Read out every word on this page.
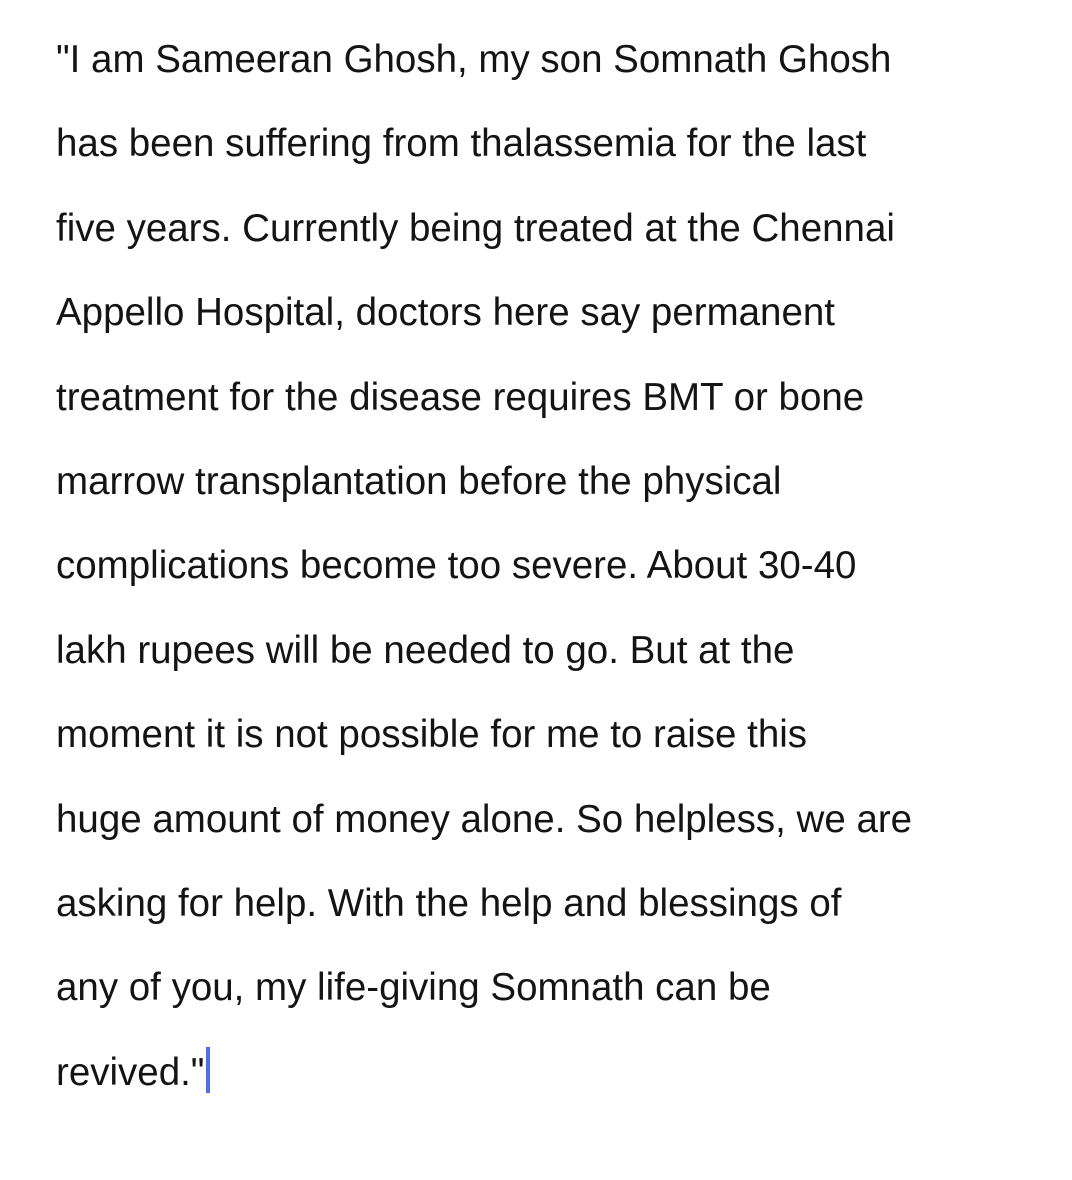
"I am Sameeran Ghosh, my son Somnath Ghosh
has been suffering from thalassemia for the last
five years. Currently being treated at the Chennai
Appello Hospital, doctors here say permanent
treatment for the disease requires BMT or bone
marrow transplantation before the physical
complications become too severe. About 30-40
lakh rupees will be needed to go. But at the
moment it is not possible for me to raise this
huge amount of money alone. So helpless, we are
asking for help. With the help and blessings of
any of you, my life-giving Somnath can be
revived."
